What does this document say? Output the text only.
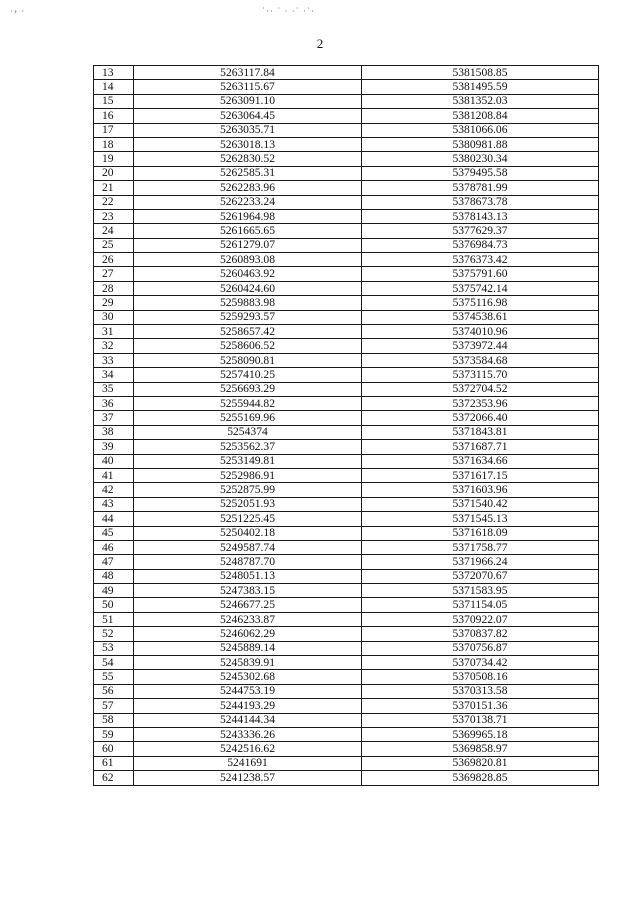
·› ·	˙·· ˙ · ·˙ ·˙·
2
13	5263117.84	5381508.85
14	5263115.67	5381495.59
15	5263091.10	5381352.03
16	5263064.45	5381208.84
17	5263035.71	5381066.06
18	5263018.13	5380981.88
19	5262830.52	5380230.34
20	5262585.31	5379495.58
21	5262283.96	5378781.99
22	5262233.24	5378673.78
23	5261964.98	5378143.13
24	5261665.65	5377629.37
25	5261279.07	5376984.73
26	5260893.08	5376373.42
27	5260463.92	5375791.60
28	5260424.60	5375742.14
29	5259883.98	5375116.98
30	5259293.57	5374538.61
31	5258657.42	5374010.96
32	5258606.52	5373972.44
33	5258090.81	5373584.68
34	5257410.25	5373115.70
35	5256693.29	5372704.52
36	5255944.82	5372353.96
37	5255169.96	5372066.40
38	5254374	5371843.81
39	5253562.37	5371687.71
40	5253149.81	5371634.66
41	5252986.91	5371617.15
42	5252875.99	5371603.96
43	5252051.93	5371540.42
44	5251225.45	5371545.13
45	5250402.18	5371618.09
46	5249587.74	5371758.77
47	5248787.70	5371966.24
48	5248051.13	5372070.67
49	5247383.15	5371583.95
50	5246677.25	5371154.05
51	5246233.87	5370922.07
52	5246062.29	5370837.82
53	5245889.14	5370756.87
54	5245839.91	5370734.42
55	5245302.68	5370508.16
56	5244753.19	5370313.58
57	5244193.29	5370151.36
58	5244144.34	5370138.71
59	5243336.26	5369965.18
60	5242516.62	5369858.97
61	5241691	5369820.81
62	5241238.57	5369828.85
